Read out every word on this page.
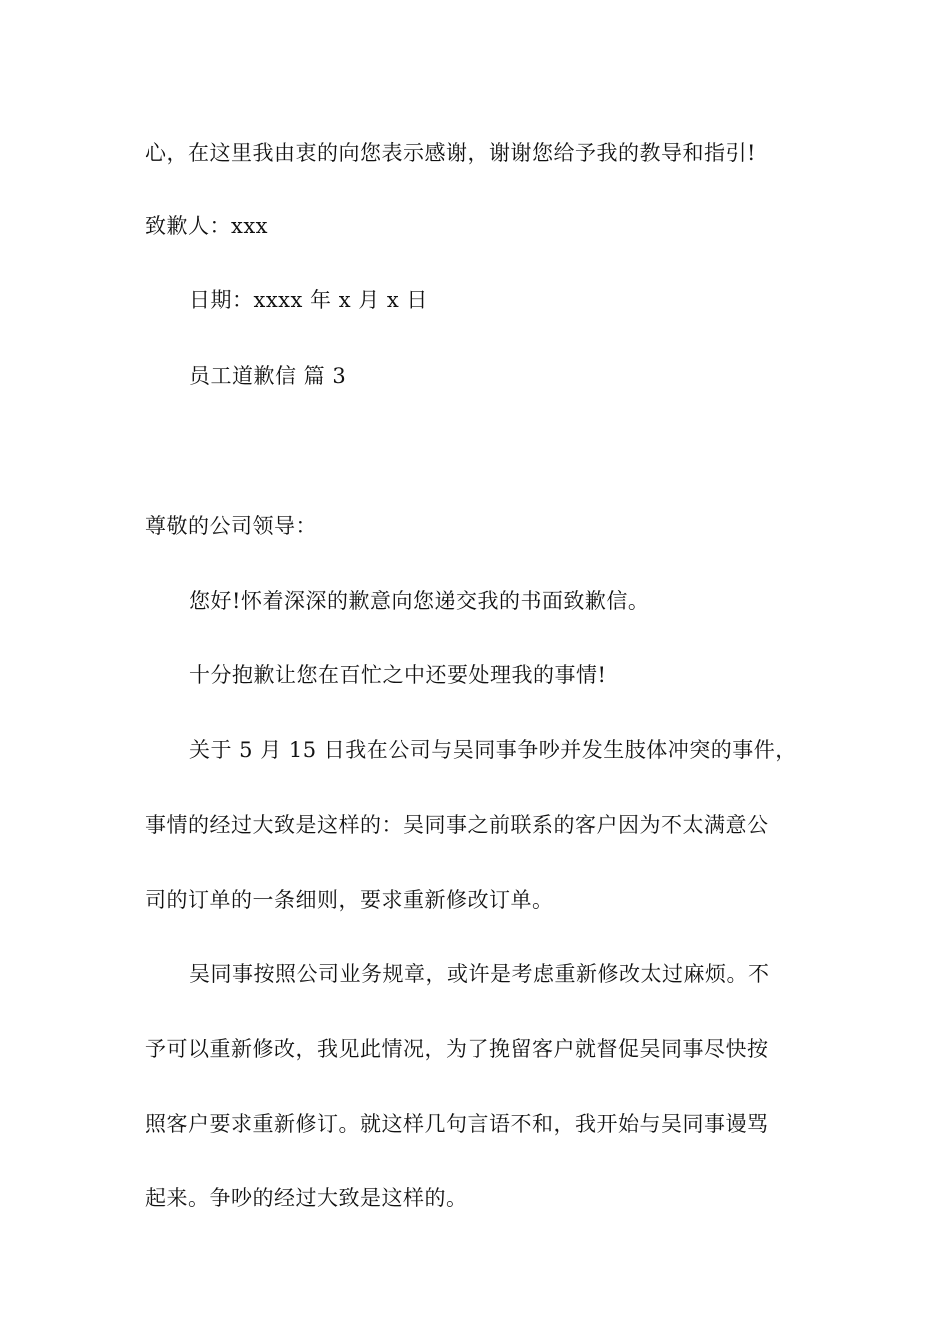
心，在这里我由衷的向您表示感谢，谢谢您给予我的教导和指引!
致歉人：xxx
日期：xxxx 年 x 月 x 日
员工道歉信 篇 3
尊敬的公司领导：
您好!怀着深深的歉意向您递交我的书面致歉信。
十分抱歉让您在百忙之中还要处理我的事情!
关于 5 月 15 日我在公司与吴同事争吵并发生肢体冲突的事件，
事情的经过大致是这样的：吴同事之前联系的客户因为不太满意公
司的订单的一条细则，要求重新修改订单。
吴同事按照公司业务规章，或许是考虑重新修改太过麻烦。不
予可以重新修改，我见此情况，为了挽留客户就督促吴同事尽快按
照客户要求重新修订。就这样几句言语不和，我开始与吴同事谩骂
起来。争吵的经过大致是这样的。
